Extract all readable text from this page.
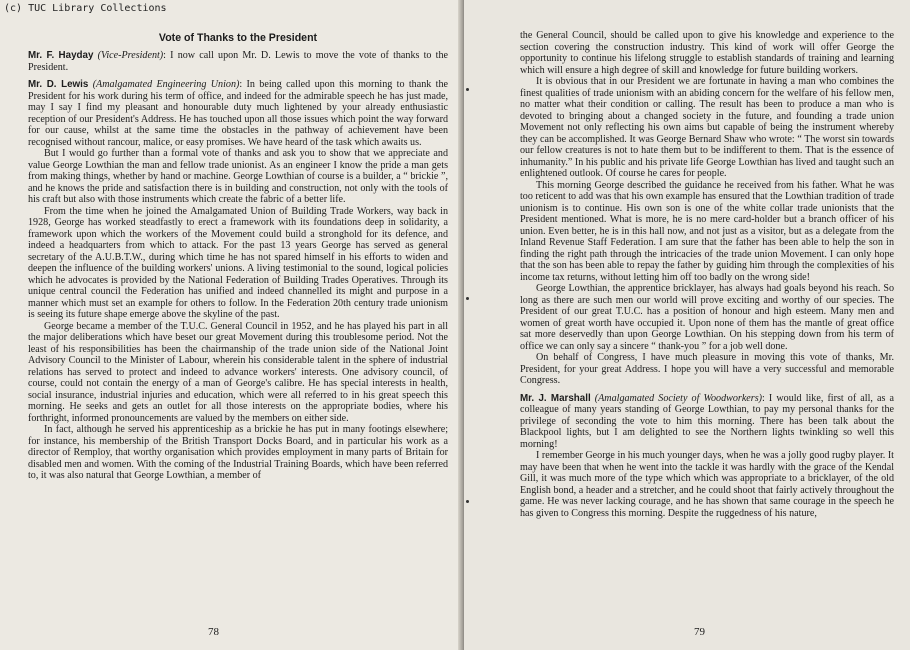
(c) TUC Library Collections
Vote of Thanks to the President

Mr. F. Hayday (Vice-President): I now call upon Mr. D. Lewis to move the vote of thanks to the President.

Mr. D. Lewis (Amalgamated Engineering Union): In being called upon this morning to thank the President for his work during his term of office, and indeed for the admirable speech he has just made, may I say I find my pleasant and honourable duty much lightened by your already enthusiastic reception of our President's Address. He has touched upon all those issues which point the way forward for our cause, whilst at the same time the obstacles in the pathway of achievement have been recognised without rancour, malice, or easy promises. We have heard of the task which awaits us.

But I would go further than a formal vote of thanks and ask you to show that we appreciate and value George Lowthian the man and fellow trade unionist. As an engineer I know the pride a man gets from making things, whether by hand or machine. George Lowthian of course is a builder, a “ brickie ”, and he knows the pride and satisfaction there is in building and construction, not only with the tools of his craft but also with those instruments which create the fabric of a better life.

From the time when he joined the Amalgamated Union of Building Trade Workers, way back in 1928, George has worked steadfastly to erect a framework with its foundations deep in solidarity, a framework upon which the workers of the Movement could build a stronghold for its defence, and indeed a headquarters from which to attack. For the past 13 years George has served as general secretary of the A.U.B.T.W., during which time he has not spared himself in his efforts to widen and deepen the influence of the building workers' unions. A living testimonial to the sound, logical policies which he advocates is provided by the National Federation of Building Trades Operatives. Through its unique central council the Federation has unified and indeed channelled its might and purpose in a manner which must set an example for others to follow. In the Federation 20th century trade unionism is seeing its future shape emerge above the skyline of the past.

George became a member of the T.U.C. General Council in 1952, and he has played his part in all the major deliberations which have beset our great Movement during this troublesome period. Not the least of his responsibilities has been the chairmanship of the trade union side of the National Joint Advisory Council to the Minister of Labour, wherein his considerable talent in the sphere of industrial relations has served to protect and indeed to advance workers' interests. One advisory council, of course, could not contain the energy of a man of George's calibre. He has special interests in health, social insurance, industrial injuries and education, which were all referred to in his great speech this morning. He seeks and gets an outlet for all those interests on the appropriate bodies, where his forthright, informed pronouncements are valued by the members on either side.

In fact, although he served his apprenticeship as a brickie he has put in many footings elsewhere; for instance, his membership of the British Transport Docks Board, and in particular his work as a director of Remploy, that worthy organisation which provides employment in many parts of Britain for disabled men and women. With the coming of the Industrial Training Boards, which have been referred to, it was also natural that George Lowthian, a member of

78

the General Council, should be called upon to give his knowledge and experience to the section covering the construction industry. This kind of work will offer George the opportunity to continue his lifelong struggle to establish standards of training and learning which will ensure a high degree of skill and knowledge for future building workers.

It is obvious that in our President we are fortunate in having a man who combines the finest qualities of trade unionism with an abiding concern for the welfare of his fellow men, no matter what their condition or calling. The result has been to produce a man who is devoted to bringing about a changed society in the future, and founding a trade union Movement not only reflecting his own aims but capable of being the instrument whereby they can be accomplished. It was George Bernard Shaw who wrote: “ The worst sin towards our fellow creatures is not to hate them but to be indifferent to them. That is the essence of inhumanity.” In his public and his private life George Lowthian has lived and taught such an enlightened outlook. Of course he cares for people.

This morning George described the guidance he received from his father. What he was too reticent to add was that his own example has ensured that the Lowthian tradition of trade unionism is to continue. His own son is one of the white collar trade unionists that the President mentioned. What is more, he is no mere card-holder but a branch officer of his union. Even better, he is in this hall now, and not just as a visitor, but as a delegate from the Inland Revenue Staff Federation. I am sure that the father has been able to help the son in finding the right path through the intricacies of the trade union Movement. I can only hope that the son has been able to repay the father by guiding him through the complexities of his income tax returns, without letting him off too badly on the wrong side!

George Lowthian, the apprentice bricklayer, has always had goals beyond his reach. So long as there are such men our world will prove exciting and worthy of our species. The President of our great T.U.C. has a position of honour and high esteem. Many men and women of great worth have occupied it. Upon none of them has the mantle of great office sat more deservedly than upon George Lowthian. On his stepping down from his term of office we can only say a sincere “ thank-you ” for a job well done.

On behalf of Congress, I have much pleasure in moving this vote of thanks, Mr. President, for your great Address. I hope you will have a very successful and memorable Congress.

Mr. J. Marshall (Amalgamated Society of Woodworkers): I would like, first of all, as a colleague of many years standing of George Lowthian, to pay my personal thanks for the privilege of seconding the vote to him this morning. There has been talk about the Blackpool lights, but I am delighted to see the Northern lights twinkling so well this morning!

I remember George in his much younger days, when he was a jolly good rugby player. It may have been that when he went into the tackle it was hardly with the grace of the Kendal Gill, it was much more of the type which which was appropriate to a bricklayer, of the old English bond, a header and a stretcher, and he could shoot that fairly actively throughout the game. He was never lacking courage, and he has shown that same courage in the speech he has given to Congress this morning. Despite the ruggedness of his nature,

79
